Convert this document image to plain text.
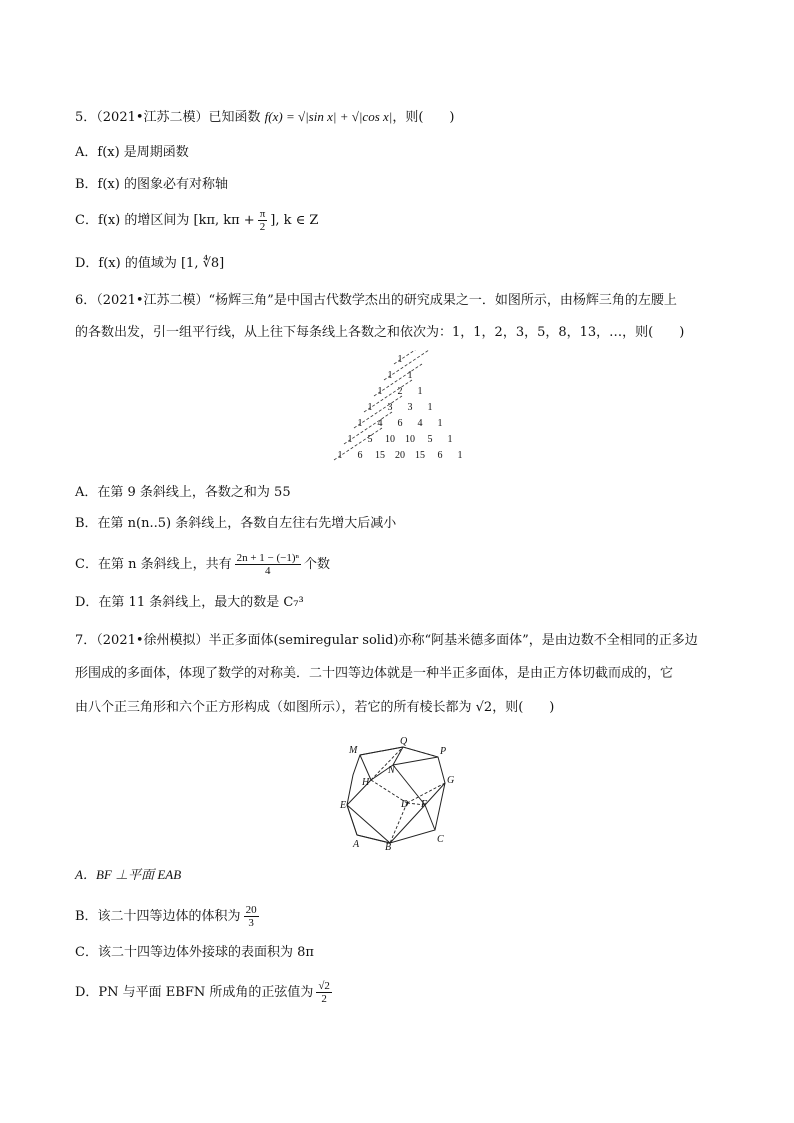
5．（2021•江苏二模）已知函数 f(x) = √|sin x| + √|cos x|，则(　　)
A．f(x) 是周期函数
B．f(x) 的图象必有对称轴
C．f(x) 的增区间为 [kπ, $k\pi + \frac{\pi}{2}$ ], k ∈ Z
D．f(x) 的值域为 [1, ∜8]
6．（2021•江苏二模）“杨辉三角”是中国古代数学杰出的研究成果之一．如图所示，由杨辉三角的左腰上
的各数出发，引一组平行线，从上往下每条线上各数之和依次为：1，1，2，3，5，8，13，…，则(　　)
1
1 1
1 2 1
1 3 3 1
1 4 6 4 1
1 5 10 10 5 1
1 6 15 20 15 6 1
A．在第 9 条斜线上，各数之和为 55
B．在第 n(n..5) 条斜线上，各数自左往右先增大后减小
C．在第 n 条斜线上，共有 $\frac{\text{2n + 1 − (−1)ⁿ}}{4}$ 个数
D．在第 11 条斜线上，最大的数是 C₇³
7．（2021•徐州模拟）半正多面体(semiregular solid)亦称“阿基米德多面体”，是由边数不全相同的正多边
形围成的多面体，体现了数学的对称美．二十四等边体就是一种半正多面体，是由正方体切截而成的，它
由八个正三角形和六个正方形构成（如图所示），若它的所有棱长都为 √2，则(　　)
M
Q
P
G
H
N
D F
E
A	B
C
A．BF ⊥平面 EAB
B．该二十四等边体的体积为 $\frac{20}{3}$
C．该二十四等边体外接球的表面积为 8π
D．PN 与平面 EBFN 所成角的正弦值为 $\frac{√2}{2}$
